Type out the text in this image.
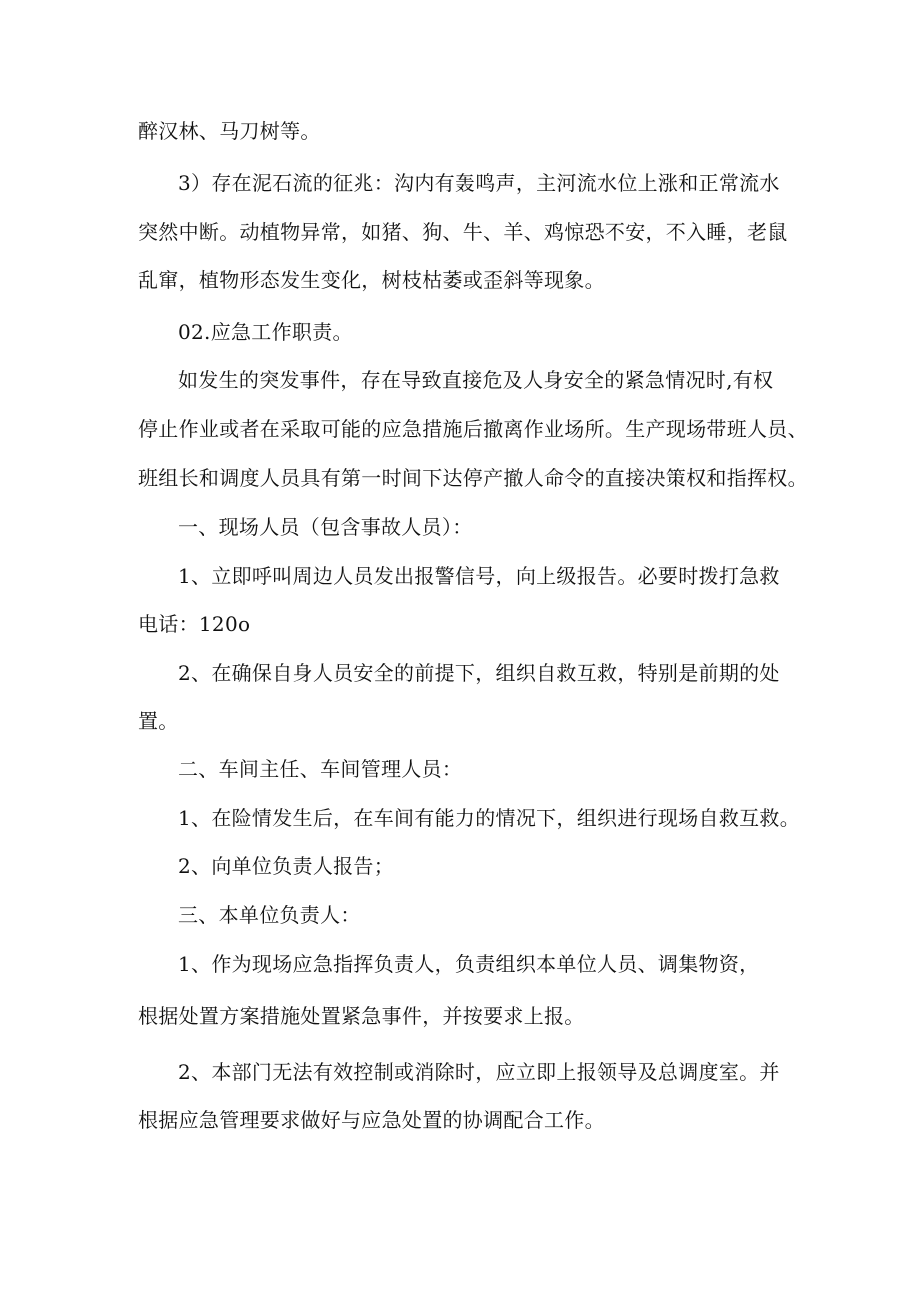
醉汉林、马刀树等。

3）存在泥石流的征兆：沟内有轰鸣声，主河流水位上涨和正常流水

突然中断。动植物异常，如猪、狗、牛、羊、鸡惊恐不安，不入睡，老鼠

乱窜，植物形态发生变化，树枝枯萎或歪斜等现象。

02.应急工作职责。

如发生的突发事件，存在导致直接危及人身安全的紧急情况时,有权

停止作业或者在采取可能的应急措施后撤离作业场所。生产现场带班人员、

班组长和调度人员具有第一时间下达停产撤人命令的直接决策权和指挥权。

一、现场人员（包含事故人员）：

1、立即呼叫周边人员发出报警信号，向上级报告。必要时拨打急救

电话：120o

2、在确保自身人员安全的前提下，组织自救互救，特别是前期的处

置。

二、车间主任、车间管理人员：

1、在险情发生后，在车间有能力的情况下，组织进行现场自救互救。

2、向单位负责人报告；

三、本单位负责人：

1、作为现场应急指挥负责人，负责组织本单位人员、调集物资，

根据处置方案措施处置紧急事件，并按要求上报。

2、本部门无法有效控制或消除时，应立即上报领导及总调度室。并

根据应急管理要求做好与应急处置的协调配合工作。
